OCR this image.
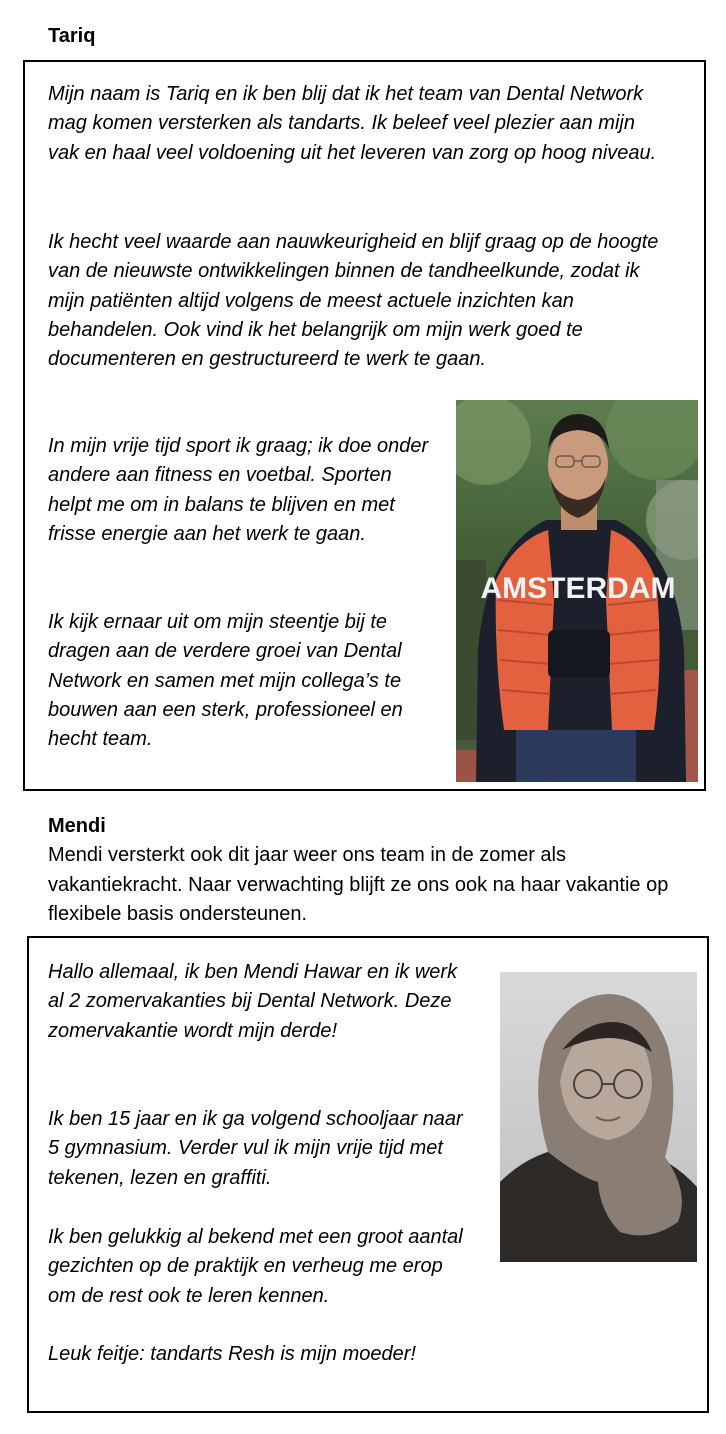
Tariq
Mijn naam is Tariq en ik ben blij dat ik het team van Dental Network mag komen versterken als tandarts. Ik beleef veel plezier aan mijn vak en haal veel voldoening uit het leveren van zorg op hoog niveau.
Ik hecht veel waarde aan nauwkeurigheid en blijf graag op de hoogte van de nieuwste ontwikkelingen binnen de tandheelkunde, zodat ik mijn patiënten altijd volgens de meest actuele inzichten kan behandelen. Ook vind ik het belangrijk om mijn werk goed te documenteren en gestructureerd te werk te gaan.
In mijn vrije tijd sport ik graag; ik doe onder andere aan fitness en voetbal. Sporten helpt me om in balans te blijven en met frisse energie aan het werk te gaan.
Ik kijk ernaar uit om mijn steentje bij te dragen aan de verdere groei van Dental Network en samen met mijn collega’s te bouwen aan een sterk, professioneel en hecht team.
AMSTERDAM
Mendi
Mendi versterkt ook dit jaar weer ons team in de zomer als vakantiekracht. Naar verwachting blijft ze ons ook na haar vakantie op flexibele basis ondersteunen.
Hallo allemaal, ik ben Mendi Hawar en ik werk al 2 zomervakanties bij Dental Network. Deze zomervakantie wordt mijn derde!
Ik ben 15 jaar en ik ga volgend schooljaar naar 5 gymnasium. Verder vul ik mijn vrije tijd met tekenen, lezen en graffiti.
Ik ben gelukkig al bekend met een groot aantal gezichten op de praktijk en verheug me erop om de rest ook te leren kennen.
Leuk feitje: tandarts Resh is mijn moeder!
